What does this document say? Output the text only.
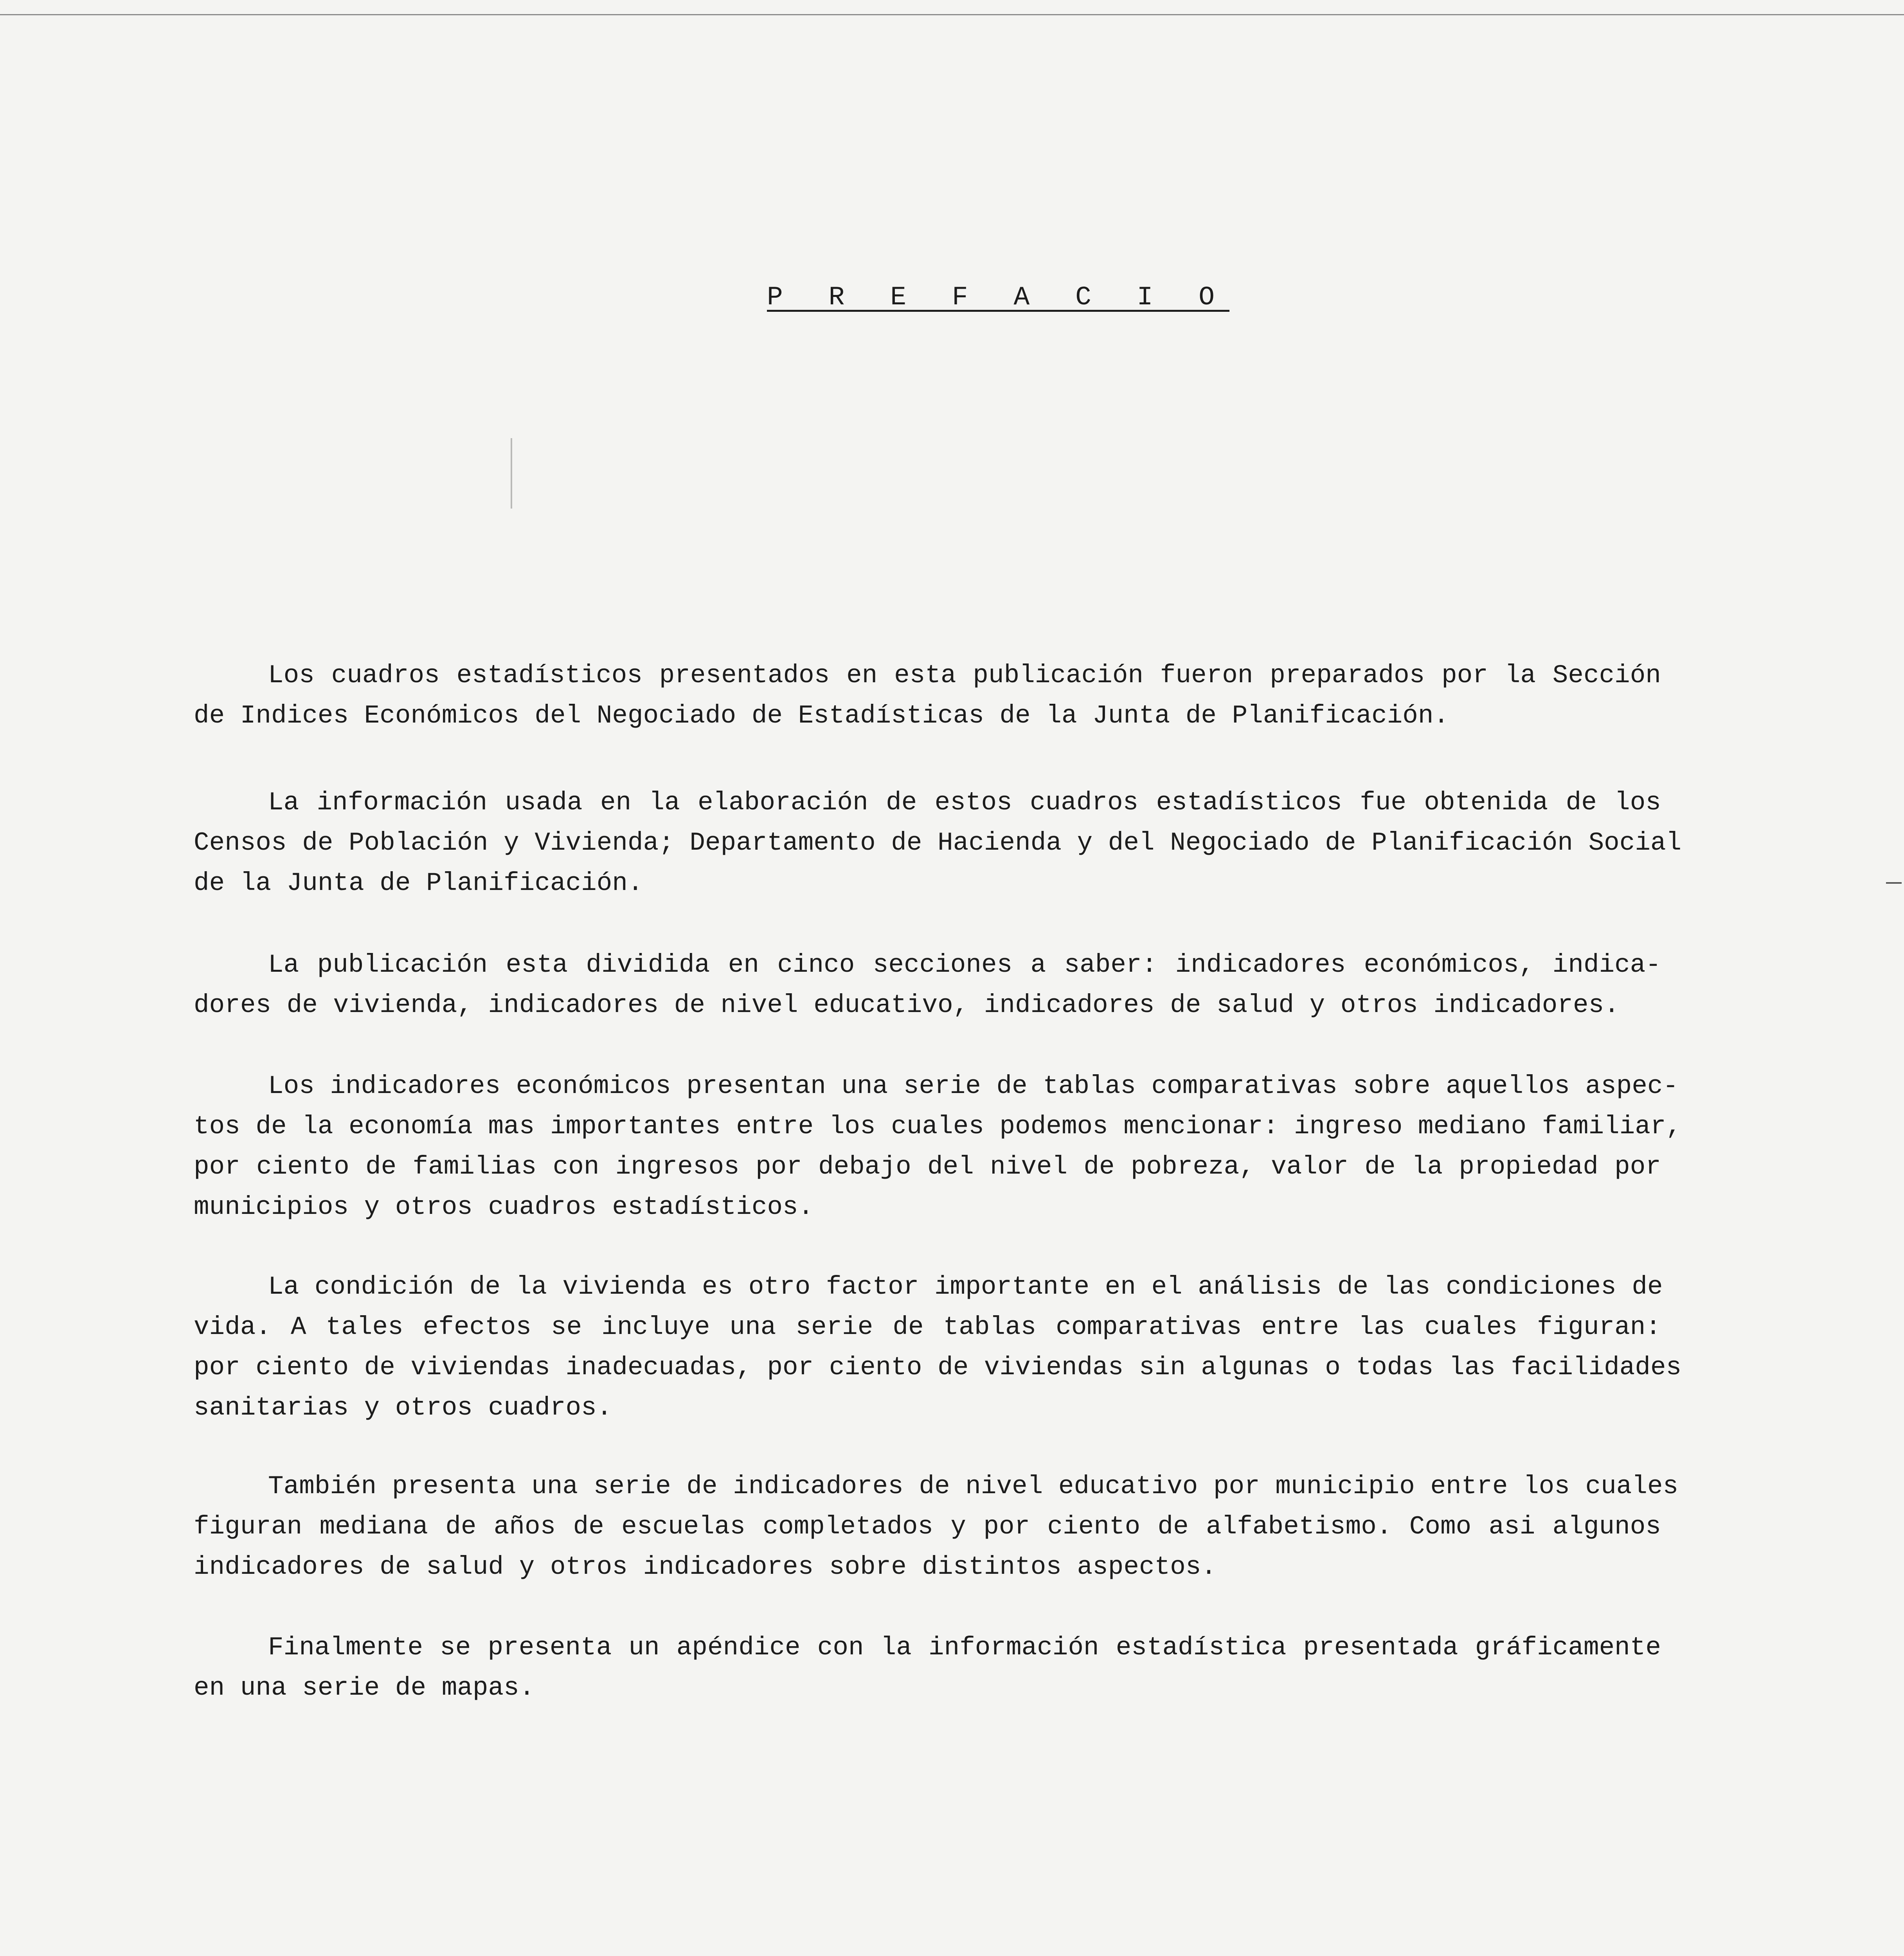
P R E F A C I O

Los cuadros estadísticos presentados en esta publicación fueron preparados por la Sección
de Indices Económicos del Negociado de Estadísticas de la Junta de Planificación.

La información usada en la elaboración de estos cuadros estadísticos fue obtenida de los
Censos de Población y Vivienda; Departamento de Hacienda y del Negociado de Planificación Social
de la Junta de Planificación.

La publicación esta dividida en cinco secciones a saber: indicadores económicos, indica-
dores de vivienda, indicadores de nivel educativo, indicadores de salud y otros indicadores.

Los indicadores económicos presentan una serie de tablas comparativas sobre aquellos aspec-
tos de la economía mas importantes entre los cuales podemos mencionar: ingreso mediano familiar,
por ciento de familias con ingresos por debajo del nivel de pobreza, valor de la propiedad por
municipios y otros cuadros estadísticos.

La condición de la vivienda es otro factor importante en el análisis de las condiciones de
vida. A tales efectos se incluye una serie de tablas comparativas entre las cuales figuran:
por ciento de viviendas inadecuadas, por ciento de viviendas sin algunas o todas las facilidades
sanitarias y otros cuadros.

También presenta una serie de indicadores de nivel educativo por municipio entre los cuales
figuran mediana de años de escuelas completados y por ciento de alfabetismo. Como asi algunos
indicadores de salud y otros indicadores sobre distintos aspectos.

Finalmente se presenta un apéndice con la información estadística presentada gráficamente
en una serie de mapas.
